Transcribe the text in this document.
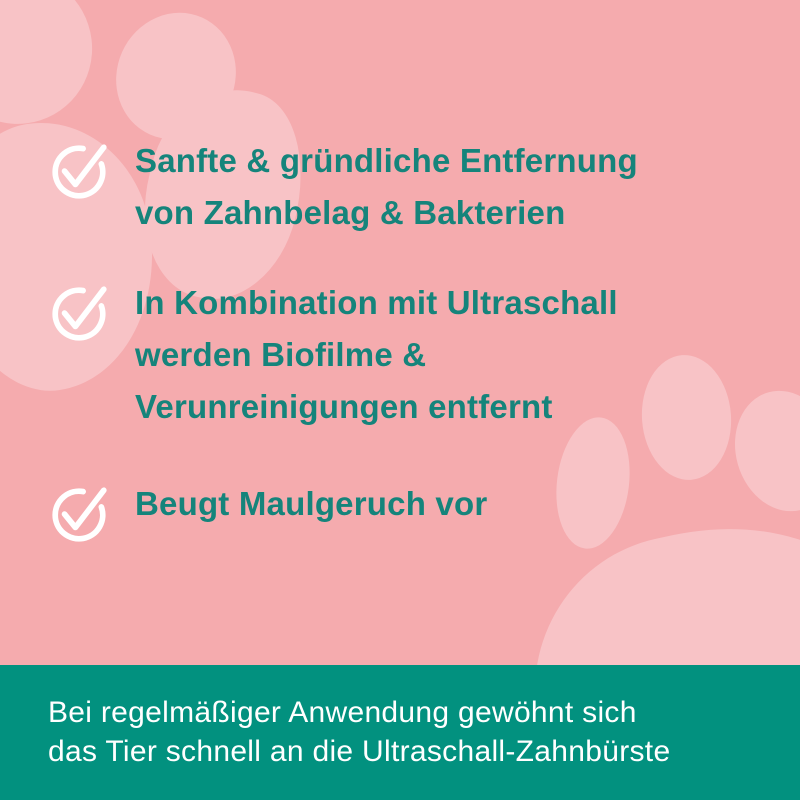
Sanfte & gründliche Entfernung
von Zahnbelag & Bakterien
In Kombination mit Ultraschall
werden Biofilme &
Verunreinigungen entfernt
Beugt Maulgeruch vor
Bei regelmäßiger Anwendung gewöhnt sich
das Tier schnell an die Ultraschall-Zahnbürste
